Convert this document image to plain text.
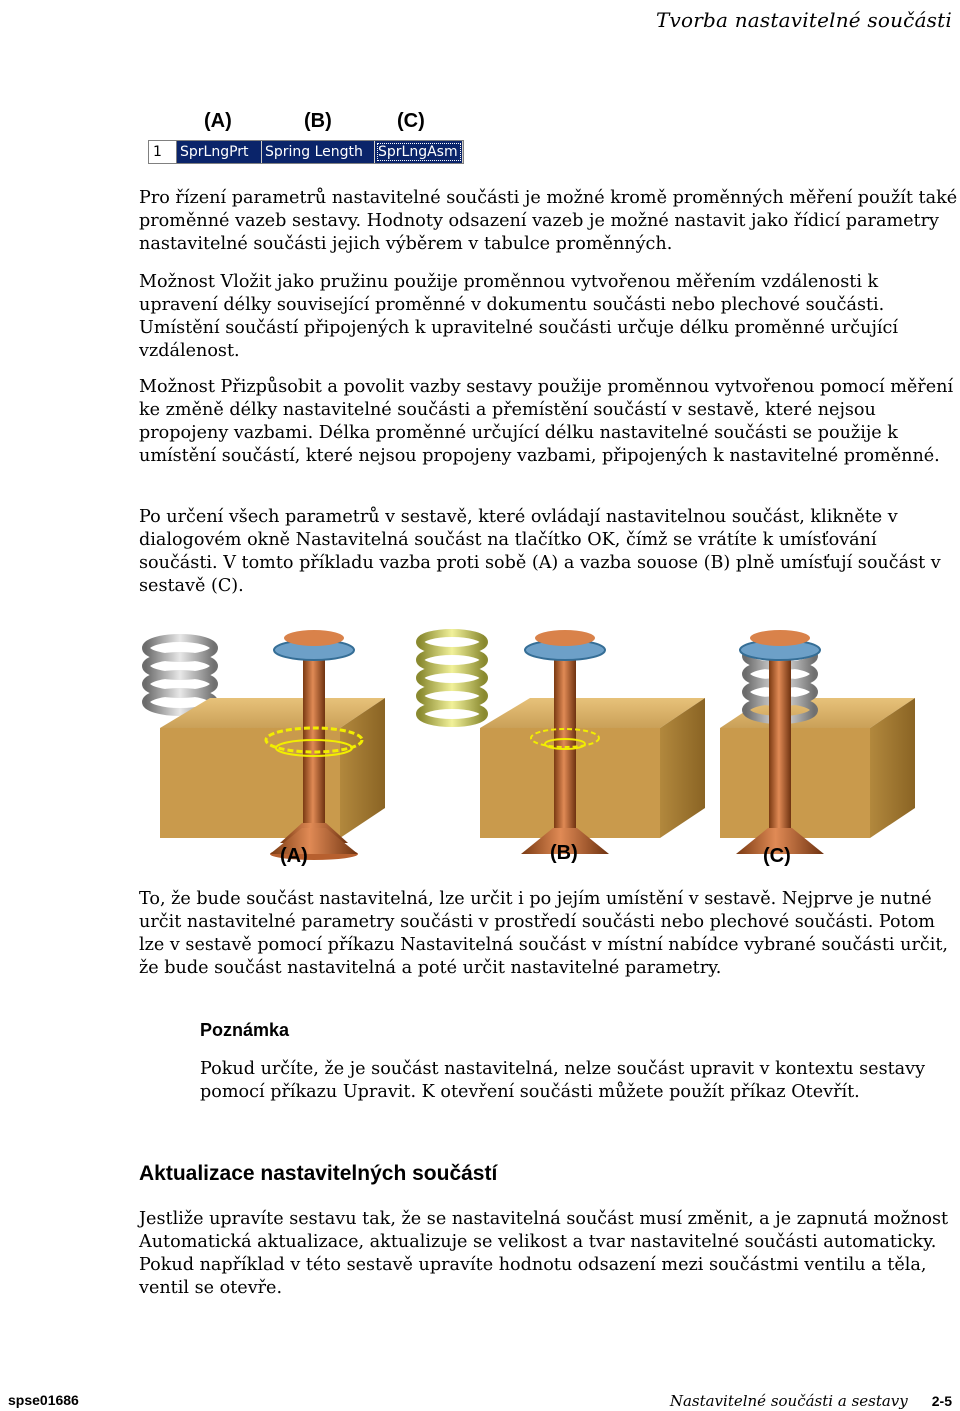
Tvorba nastavitelné součásti
(A)	(B)	(C)
1	SprLngPrt	Spring Length	SprLngAsm

Pro řízení parametrů nastavitelné součásti je možné kromě proměnných měření použít také proměnné vazeb sestavy. Hodnoty odsazení vazeb je možné nastavit jako řídicí parametry nastavitelné součásti jejich výběrem v tabulce proměnných.

Možnost Vložit jako pružinu použije proměnnou vytvořenou měřením vzdálenosti k upravení délky související proměnné v dokumentu součásti nebo plechové součásti. Umístění součástí připojených k upravitelné součásti určuje délku proměnné určující vzdálenost.

Možnost Přizpůsobit a povolit vazby sestavy použije proměnnou vytvořenou pomocí měření ke změně délky nastavitelné součásti a přemístění součástí v sestavě, které nejsou propojeny vazbami. Délka proměnné určující délku nastavitelné součásti se použije k umístění součástí, které nejsou propojeny vazbami, připojených k nastavitelné proměnné.

Po určení všech parametrů v sestavě, které ovládají nastavitelnou součást, klikněte v dialogovém okně Nastavitelná součást na tlačítko OK, čímž se vrátíte k umísťování součásti. V tomto příkladu vazba proti sobě (A) a vazba souose (B) plně umísťují součást v sestavě (C).

(A)	(B)	(C)

To, že bude součást nastavitelná, lze určit i po jejím umístění v sestavě. Nejprve je nutné určit nastavitelné parametry součásti v prostředí součásti nebo plechové součásti. Potom lze v sestavě pomocí příkazu Nastavitelná součást v místní nabídce vybrané součásti určit, že bude součást nastavitelná a poté určit nastavitelné parametry.

Poznámka

Pokud určíte, že je součást nastavitelná, nelze součást upravit v kontextu sestavy pomocí příkazu Upravit. K otevření součásti můžete použít příkaz Otevřít.

Aktualizace nastavitelných součástí

Jestliže upravíte sestavu tak, že se nastavitelná součást musí změnit, a je zapnutá možnost Automatická aktualizace, aktualizuje se velikost a tvar nastavitelné součásti automaticky. Pokud například v této sestavě upravíte hodnotu odsazení mezi součástmi ventilu a těla, ventil se otevře.

spse01686	Nastavitelné součásti a sestavy 2-5
